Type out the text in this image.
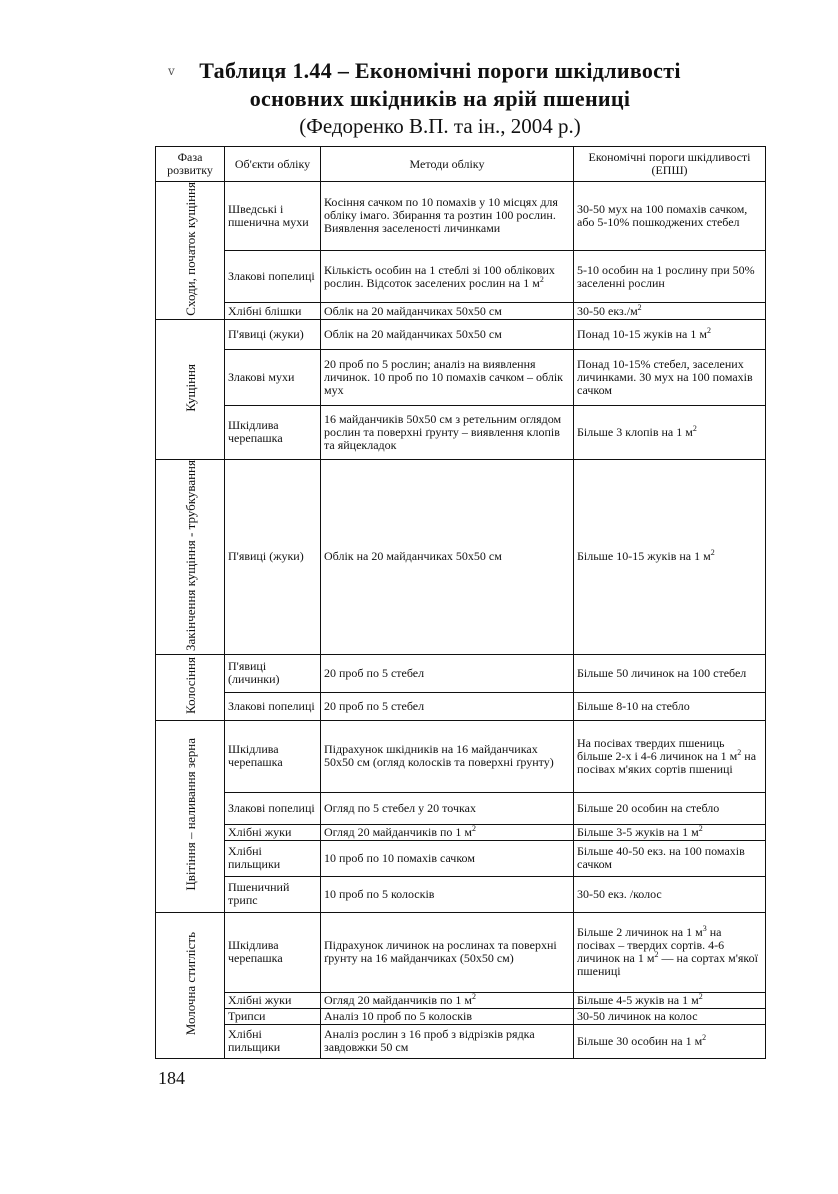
ⅴ	Таблиця 1.44 – Економічні пороги шкідливості
основних шкідників на ярій пшениці
(Федоренко В.П. та ін., 2004 р.)
Фаза розвитку	Об'єкти обліку	Методи обліку	Економічні пороги шкідливості (ЕПШ)
Сходи, початок кущіння	Шведські і пшенична мухи	Косіння сачком по 10 помахів у 10 місцях для обліку імаго. Збирання та розтин 100 рослин. Виявлення заселеності личинками	30-50 мух на 100 помахів сачком, або 5-10% пошкоджених стебел
	Злакові попелиці	Кількість особин на 1 стеблі зі 100 облікових рослин. Відсоток заселених рослин на 1 $м^2$	5-10 особин на 1 рослину при 50% заселенні рослин
	Хлібні блішки	Облік на 20 майданчиках 50х50 см	30-50 $екз./м^2$
Кущіння	П'явиці (жуки)	Облік на 20 майданчиках 50х50 см	Понад 10-15 жуків на 1 $м^2$
	Злакові мухи	20 проб по 5 рослин; аналіз на виявлення личинок. 10 проб по 10 помахів сачком – облік мух	Понад 10-15% стебел, заселених личинками. 30 мух на 100 помахів сачком
	Шкідлива черепашка	16 майданчиків 50х50 см з ретельним оглядом рослин та поверхні ґрунту – виявлення клопів та яйцекладок	Більше 3 клопів на 1 $м^2$
Закінчення кущіння - трубкування	П'явиці (жуки)	Облік на 20 майданчиках 50х50 см	Більше 10-15 жуків на 1 $м^2$
Колосіння	П'явиці (личинки)	20 проб по 5 стебел	Більше 50 личинок на 100 стебел
	Злакові попелиці	20 проб по 5 стебел	Більше 8-10 на стебло
Цвітіння – наливання зерна	Шкідлива черепашка	Підрахунок шкідників на 16 майданчиках 50х50 см (огляд колосків та поверхні ґрунту)	На посівах твердих пшениць більше 2-х і 4-6 личинок на 1 $м^2$ на посівах м'яких сортів пшениці
	Злакові попелиці	Огляд по 5 стебел у 20 точках	Більше 20 особин на стебло
	Хлібні жуки	Огляд 20 майданчиків по 1 $м^2$	Більше 3-5 жуків на 1 $м^2$
	Хлібні пильщики	10 проб по 10 помахів сачком	Більше 40-50 екз. на 100 помахів сачком
	Пшеничний трипс	10 проб по 5 колосків	30-50 екз. /колос
Молочна стиглість	Шкідлива черепашка	Підрахунок личинок на рослинах та поверхні ґрунту на 16 майданчиках (50х50 см)	Більше 2 личинок на 1 $м^3$ на посівах – твердих сортів. 4-6 личинок на 1 $м^2$ — на сортах м'якої пшениці
	Хлібні жуки	Огляд 20 майданчиків по 1 $м^2$	Більше 4-5 жуків на 1 $м^2$
	Трипси	Аналіз 10 проб по 5 колосків	30-50 личинок на колос
	Хлібні пильщики	Аналіз рослин з 16 проб з відрізків рядка завдовжки 50 см	Більше 30 особин на 1 $м^2$
184
